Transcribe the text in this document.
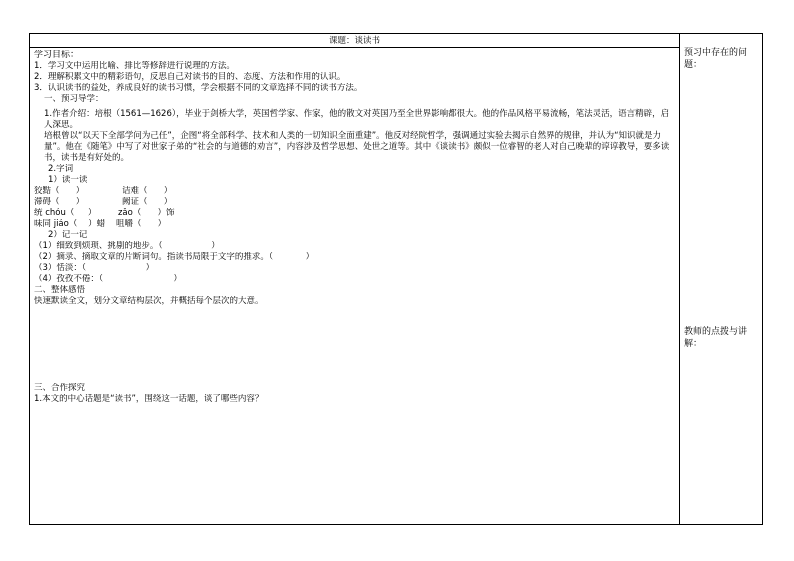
课题：谈读书
学习目标：
1．学习文中运用比喻、排比等修辞进行说理的方法。
2．理解积累文中的精彩语句，反思自己对读书的目的、态度、方法和作用的认识。
3．认识读书的益处，养成良好的读书习惯，学会根据不同的文章选择不同的读书方法。
一、预习导学：
1.作者介绍：培根（1561—1626），毕业于剑桥大学，英国哲学家、作家，他的散文对英国乃至全世界影响都很大。他的作品风格平易流畅，笔法灵活，语言精辟，启人深思。
培根曾以“以天下全部学问为己任”，企图“将全部科学、技术和人类的一切知识全面重建”。他反对经院哲学，强调通过实验去揭示自然界的规律，并认为“知识就是力量”。他在《随笔》中写了对世家子弟的“社会的与道德的劝言”，内容涉及哲学思想、处世之道等。其中《谈读书》颇似一位睿智的老人对自己晚辈的谆谆教导，要多读书，读书是有好处的。
2.字词
1）读一读
狡黠（      ）              诘难（      ）
滞碍（      ）              阙证（      ）
统 chóu（     ）        zǎo（      ）饰
味同 jiáo（    ）蜡    咀嚼（      ）
2）记一记
（1）细致到烦琐、挑剔的地步。（                  ）
（2）摘录、摘取文章的片断词句。指读书局限于文字的推求。（            ）
（3）恬淡：（                      ）
（4）孜孜不倦：（                          ）
二、整体感悟
快速默读全文，划分文章结构层次，并概括每个层次的大意。
三、合作探究
1.本文的中心话题是“读书”，围绕这一话题，谈了哪些内容？
预习中存在的问题：
教师的点拨与讲解：
